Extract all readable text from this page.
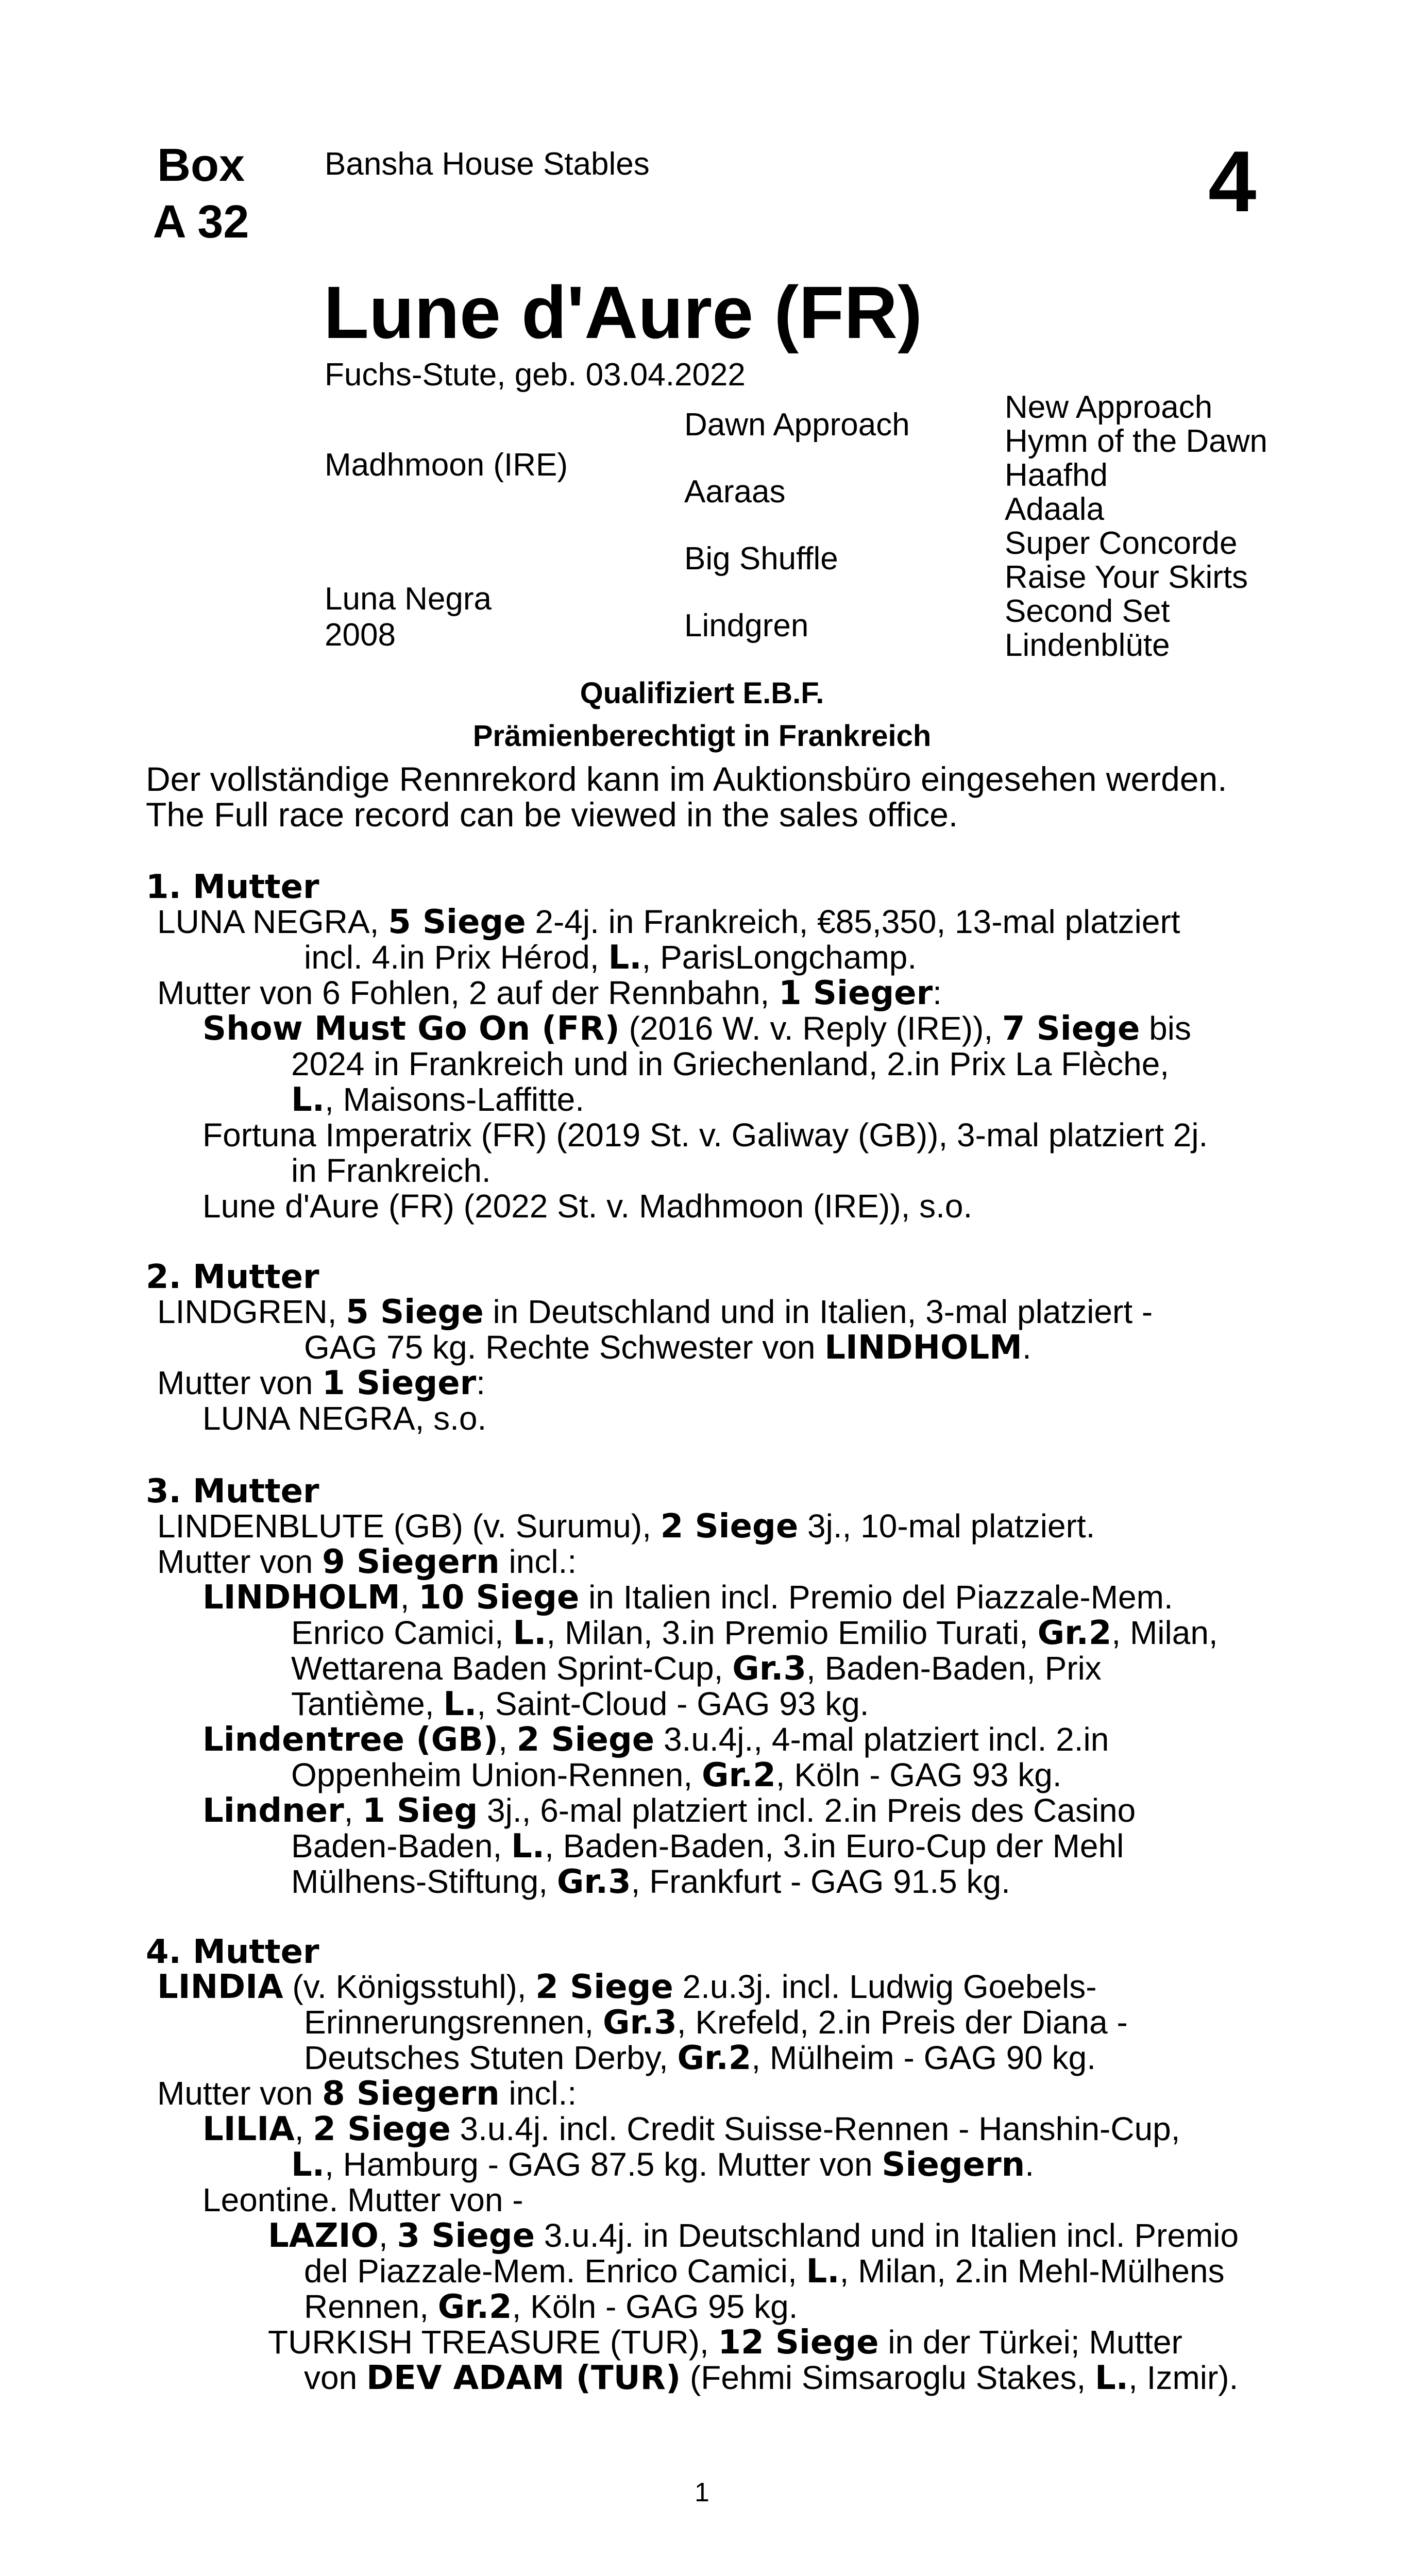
Box
A 32
Bansha House Stables	4
Lune d'Aure (FR)
Fuchs-Stute, geb. 03.04.2022
Madhmoon (IRE)
Luna Negra
2008
Dawn Approach
Aaraas
Big Shuffle
Lindgren
New Approach
Hymn of the Dawn
Haafhd
Adaala
Super Concorde
Raise Your Skirts
Second Set
Lindenblüte
Qualifiziert E.B.F.
Prämienberechtigt in Frankreich
Der vollständige Rennrekord kann im Auktionsbüro eingesehen werden.
The Full race record can be viewed in the sales office.
1. Mutter
2. Mutter
3. Mutter
4. Mutter
LUNA NEGRA, 5 Siege 2-4j. in Frankreich, €85,350, 13-mal platziert
incl. 4.in Prix Hérod, L., ParisLongchamp.
Mutter von 6 Fohlen, 2 auf der Rennbahn, 1 Sieger:
Show Must Go On (FR) (2016 W. v. Reply (IRE)), 7 Siege bis
2024 in Frankreich und in Griechenland, 2.in Prix La Flèche,
L., Maisons-Laffitte.
Fortuna Imperatrix (FR) (2019 St. v. Galiway (GB)), 3-mal platziert 2j.
in Frankreich.
Lune d'Aure (FR) (2022 St. v. Madhmoon (IRE)), s.o.
LINDGREN, 5 Siege in Deutschland und in Italien, 3-mal platziert -
GAG 75 kg. Rechte Schwester von LINDHOLM.
Mutter von 1 Sieger:
LUNA NEGRA, s.o.
LINDENBLUTE (GB) (v. Surumu), 2 Siege 3j., 10-mal platziert.
Mutter von 9 Siegern incl.:
LINDHOLM, 10 Siege in Italien incl. Premio del Piazzale-Mem.
Enrico Camici, L., Milan, 3.in Premio Emilio Turati, Gr.2, Milan,
Wettarena Baden Sprint-Cup, Gr.3, Baden-Baden, Prix
Tantième, L., Saint-Cloud - GAG 93 kg.
Lindentree (GB), 2 Siege 3.u.4j., 4-mal platziert incl. 2.in
Oppenheim Union-Rennen, Gr.2, Köln - GAG 93 kg.
Lindner, 1 Sieg 3j., 6-mal platziert incl. 2.in Preis des Casino
Baden-Baden, L., Baden-Baden, 3.in Euro-Cup der Mehl
Mülhens-Stiftung, Gr.3, Frankfurt - GAG 91.5 kg.
LINDIA (v. Königsstuhl), 2 Siege 2.u.3j. incl. Ludwig Goebels-
Erinnerungsrennen, Gr.3, Krefeld, 2.in Preis der Diana -
Deutsches Stuten Derby, Gr.2, Mülheim - GAG 90 kg.
Mutter von 8 Siegern incl.:
LILIA, 2 Siege 3.u.4j. incl. Credit Suisse-Rennen - Hanshin-Cup,
L., Hamburg - GAG 87.5 kg. Mutter von Siegern.
Leontine. Mutter von -
LAZIO, 3 Siege 3.u.4j. in Deutschland und in Italien incl. Premio
del Piazzale-Mem. Enrico Camici, L., Milan, 2.in Mehl-Mülhens
Rennen, Gr.2, Köln - GAG 95 kg.
TURKISH TREASURE (TUR), 12 Siege in der Türkei; Mutter
von DEV ADAM (TUR) (Fehmi Simsaroglu Stakes, L., Izmir).
1
